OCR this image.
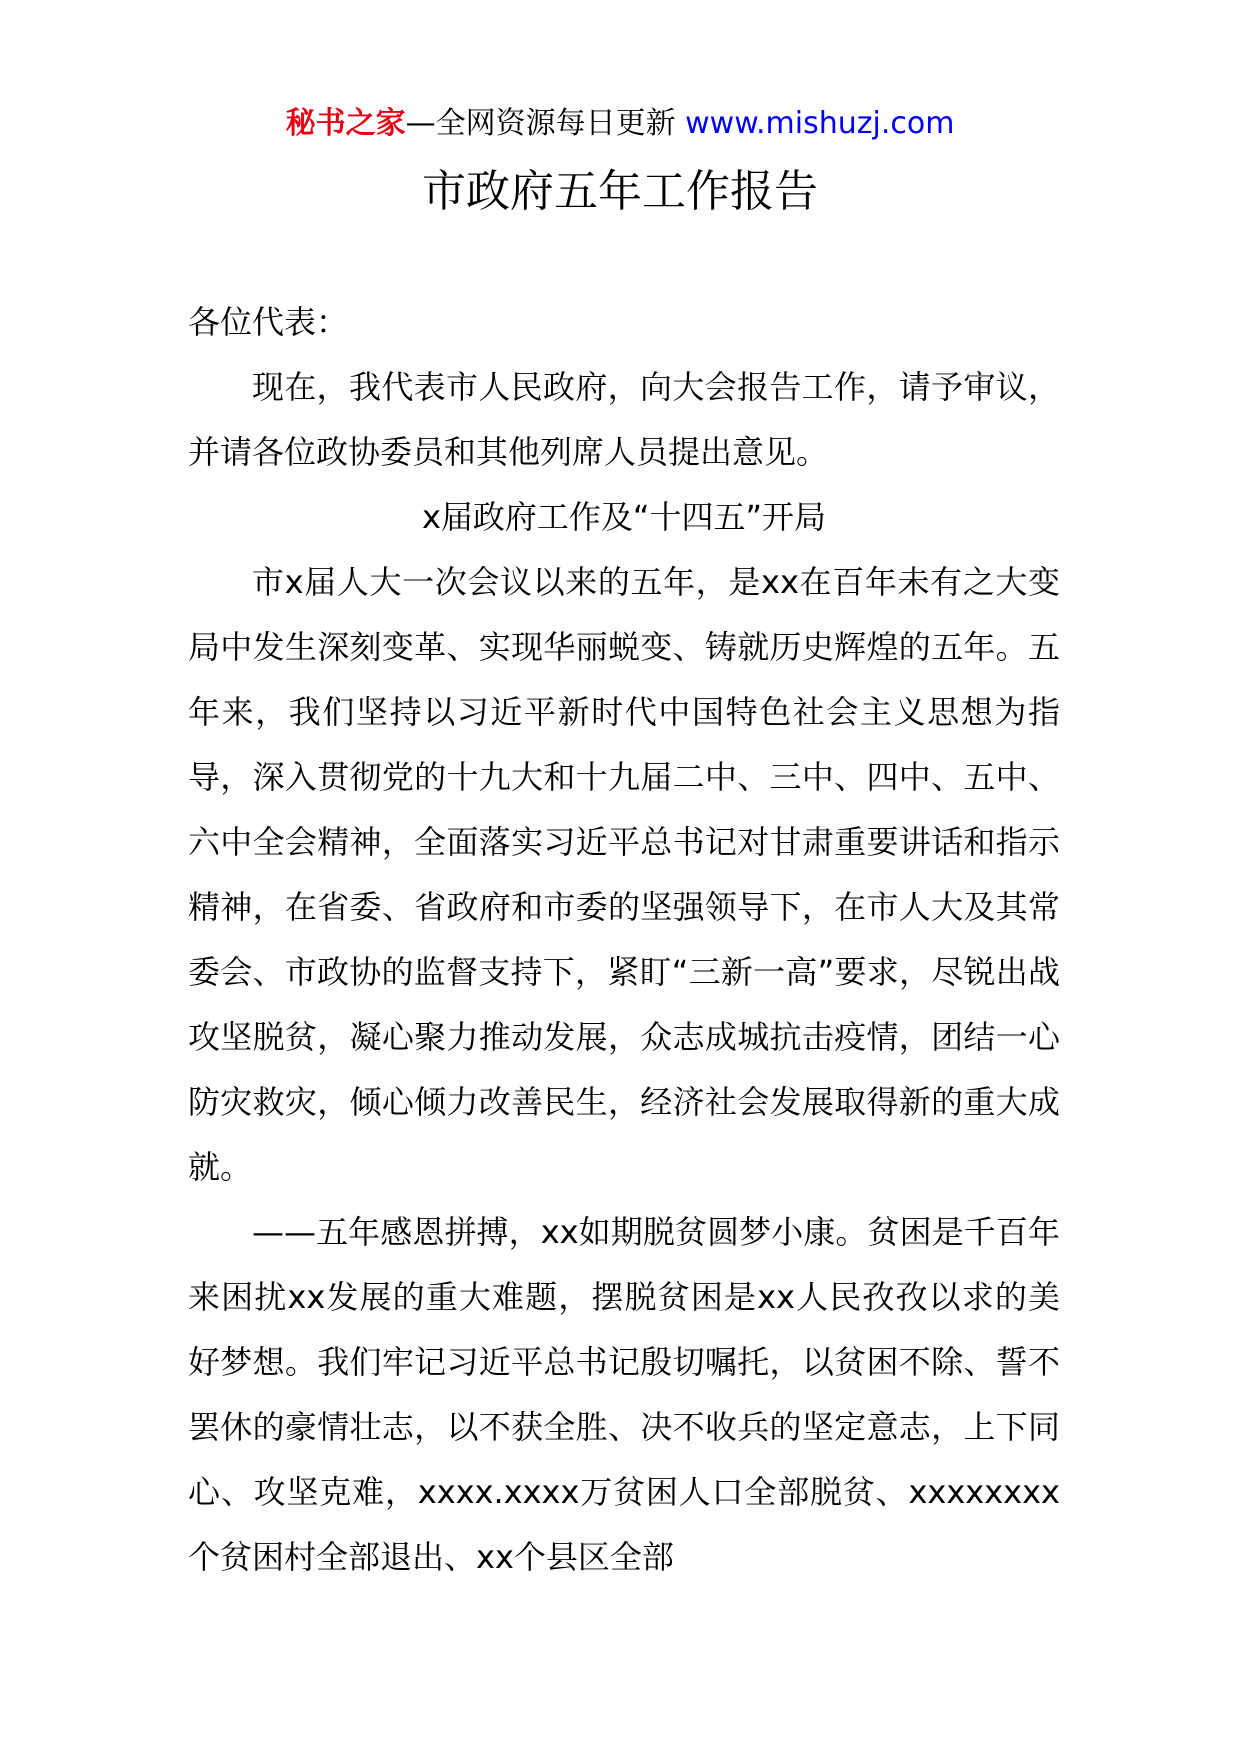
秘书之家—全网资源每日更新 www.mishuzj.com
市政府五年工作报告

各位代表：

现在，我代表市人民政府，向大会报告工作，请予审议，并请各位政协委员和其他列席人员提出意见。

x届政府工作及“十四五”开局

市x届人大一次会议以来的五年，是xx在百年未有之大变局中发生深刻变革、实现华丽蜕变、铸就历史辉煌的五年。五年来，我们坚持以习近平新时代中国特色社会主义思想为指导，深入贯彻党的十九大和十九届二中、三中、四中、五中、六中全会精神，全面落实习近平总书记对甘肃重要讲话和指示精神，在省委、省政府和市委的坚强领导下，在市人大及其常委会、市政协的监督支持下，紧盯“三新一高”要求，尽锐出战攻坚脱贫，凝心聚力推动发展，众志成城抗击疫情，团结一心防灾救灾，倾心倾力改善民生，经济社会发展取得新的重大成就。

——五年感恩拼搏，xx如期脱贫圆梦小康。贫困是千百年来困扰xx发展的重大难题，摆脱贫困是xx人民孜孜以求的美好梦想。我们牢记习近平总书记殷切嘱托，以贫困不除、誓不罢休的豪情壮志，以不获全胜、决不收兵的坚定意志，上下同心、攻坚克难，xxxx.xxxx万贫困人口全部脱贫、xxxxxxxx个贫困村全部退出、xx个县区全部
